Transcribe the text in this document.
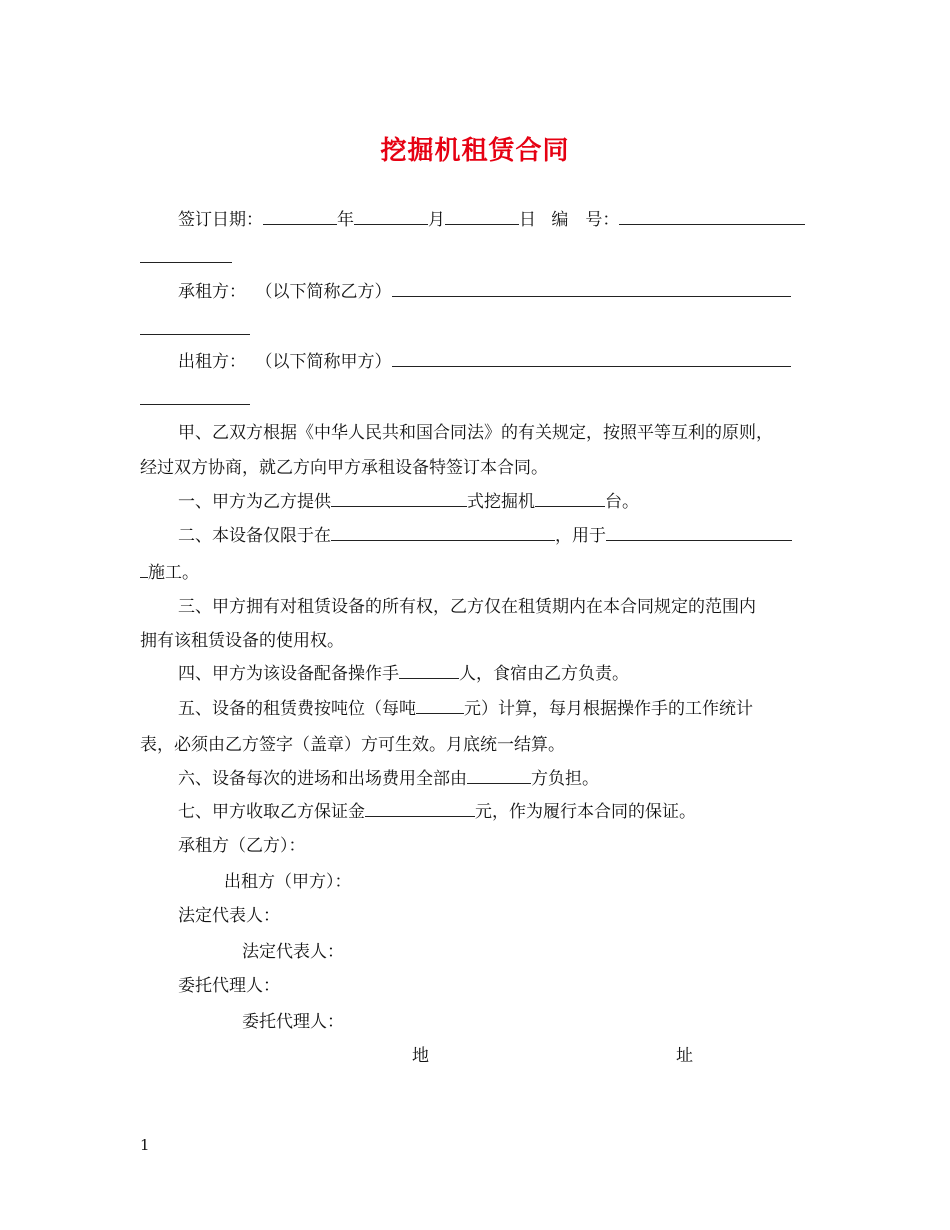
挖掘机租赁合同
签订日期：	年	月	日 编　号：
承租方： （以下简称乙方）
出租方： （以下简称甲方）
甲、乙双方根据《中华人民共和国合同法》的有关规定，按照平等互利的原则，
经过双方协商，就乙方向甲方承租设备特签订本合同。
一、甲方为乙方提供	式挖掘机	台。
二、本设备仅限于在	，用于
施工。
三、甲方拥有对租赁设备的所有权，乙方仅在租赁期内在本合同规定的范围内
拥有该租赁设备的使用权。
四、甲方为该设备配备操作手	人，食宿由乙方负责。
五、设备的租赁费按吨位（每吨	元）计算，每月根据操作手的工作统计
表，必须由乙方签字（盖章）方可生效。月底统一结算。
六、设备每次的进场和出场费用全部由	方负担。
七、甲方收取乙方保证金	元，作为履行本合同的保证。
承租方（乙方）：
出租方（甲方）：
法定代表人：
法定代表人：
委托代理人：
委托代理人：
地	址
1
